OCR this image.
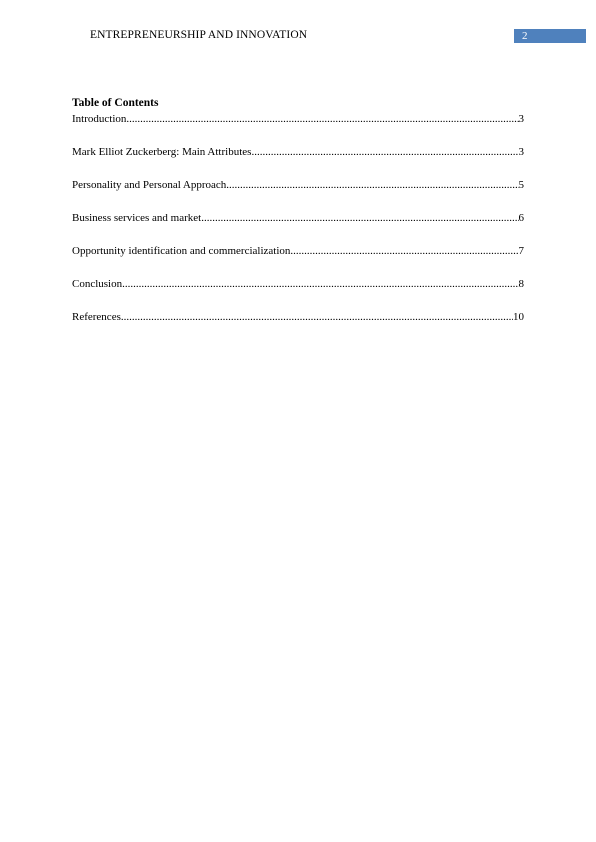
ENTREPRENEURSHIP AND INNOVATION	2
Table of Contents
Introduction .....	3
Mark Elliot Zuckerberg: Main Attributes .....	3
Personality and Personal Approach .....	5
Business services and market .....	6
Opportunity identification and commercialization .....	7
Conclusion .....	8
References .....	10
